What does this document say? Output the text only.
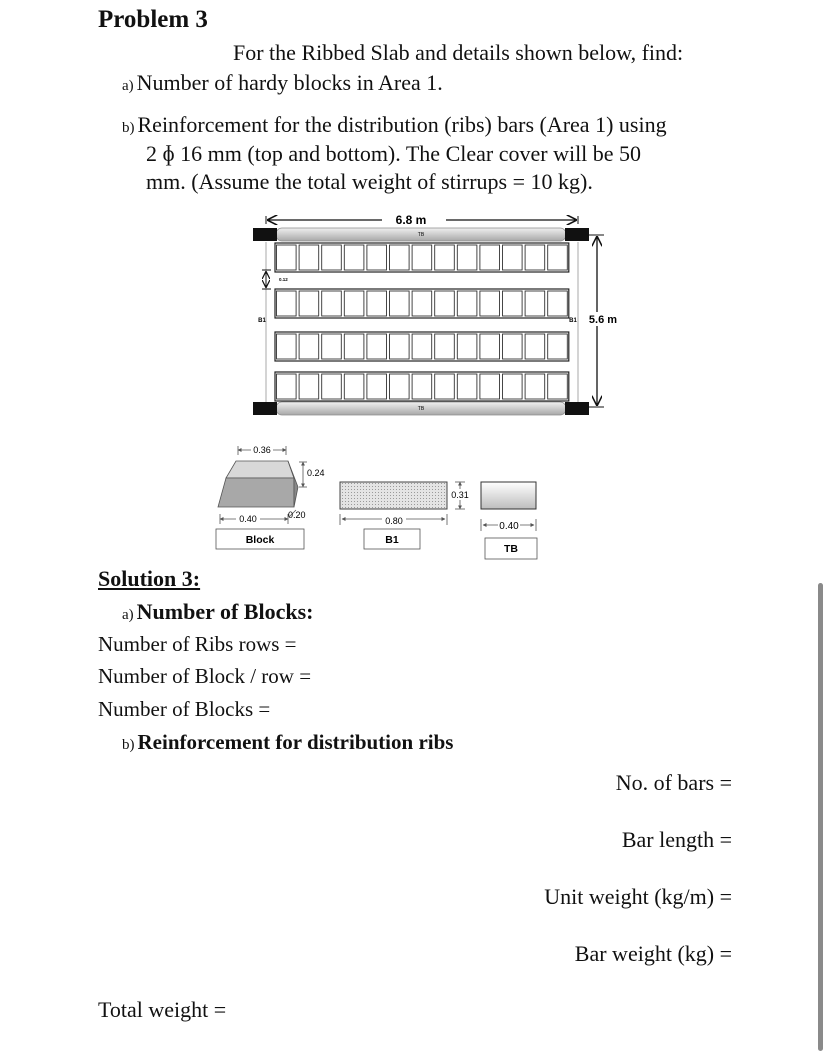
Problem 3
For the Ribbed Slab and details shown below, find:
a) Number of hardy blocks in Area 1.
b) Reinforcement for the distribution (ribs) bars (Area 1) using
2 ɸ 16 mm (top and bottom). The Clear cover will be 50
mm. (Assume the total weight of stirrups = 10 kg).
6.8 m
TB
TB
B1	B1
0.12
5.6 m
0.36
0.24
0.40	0.20
Block
0.80
B1
0.31
0.40
TB
Solution 3:
a) Number of Blocks:
Number of Ribs rows =
Number of Block / row =
Number of Blocks =
b) Reinforcement for distribution ribs
No. of bars =
Bar length =
Unit weight (kg/m) =
Bar weight (kg) =
Total weight =
